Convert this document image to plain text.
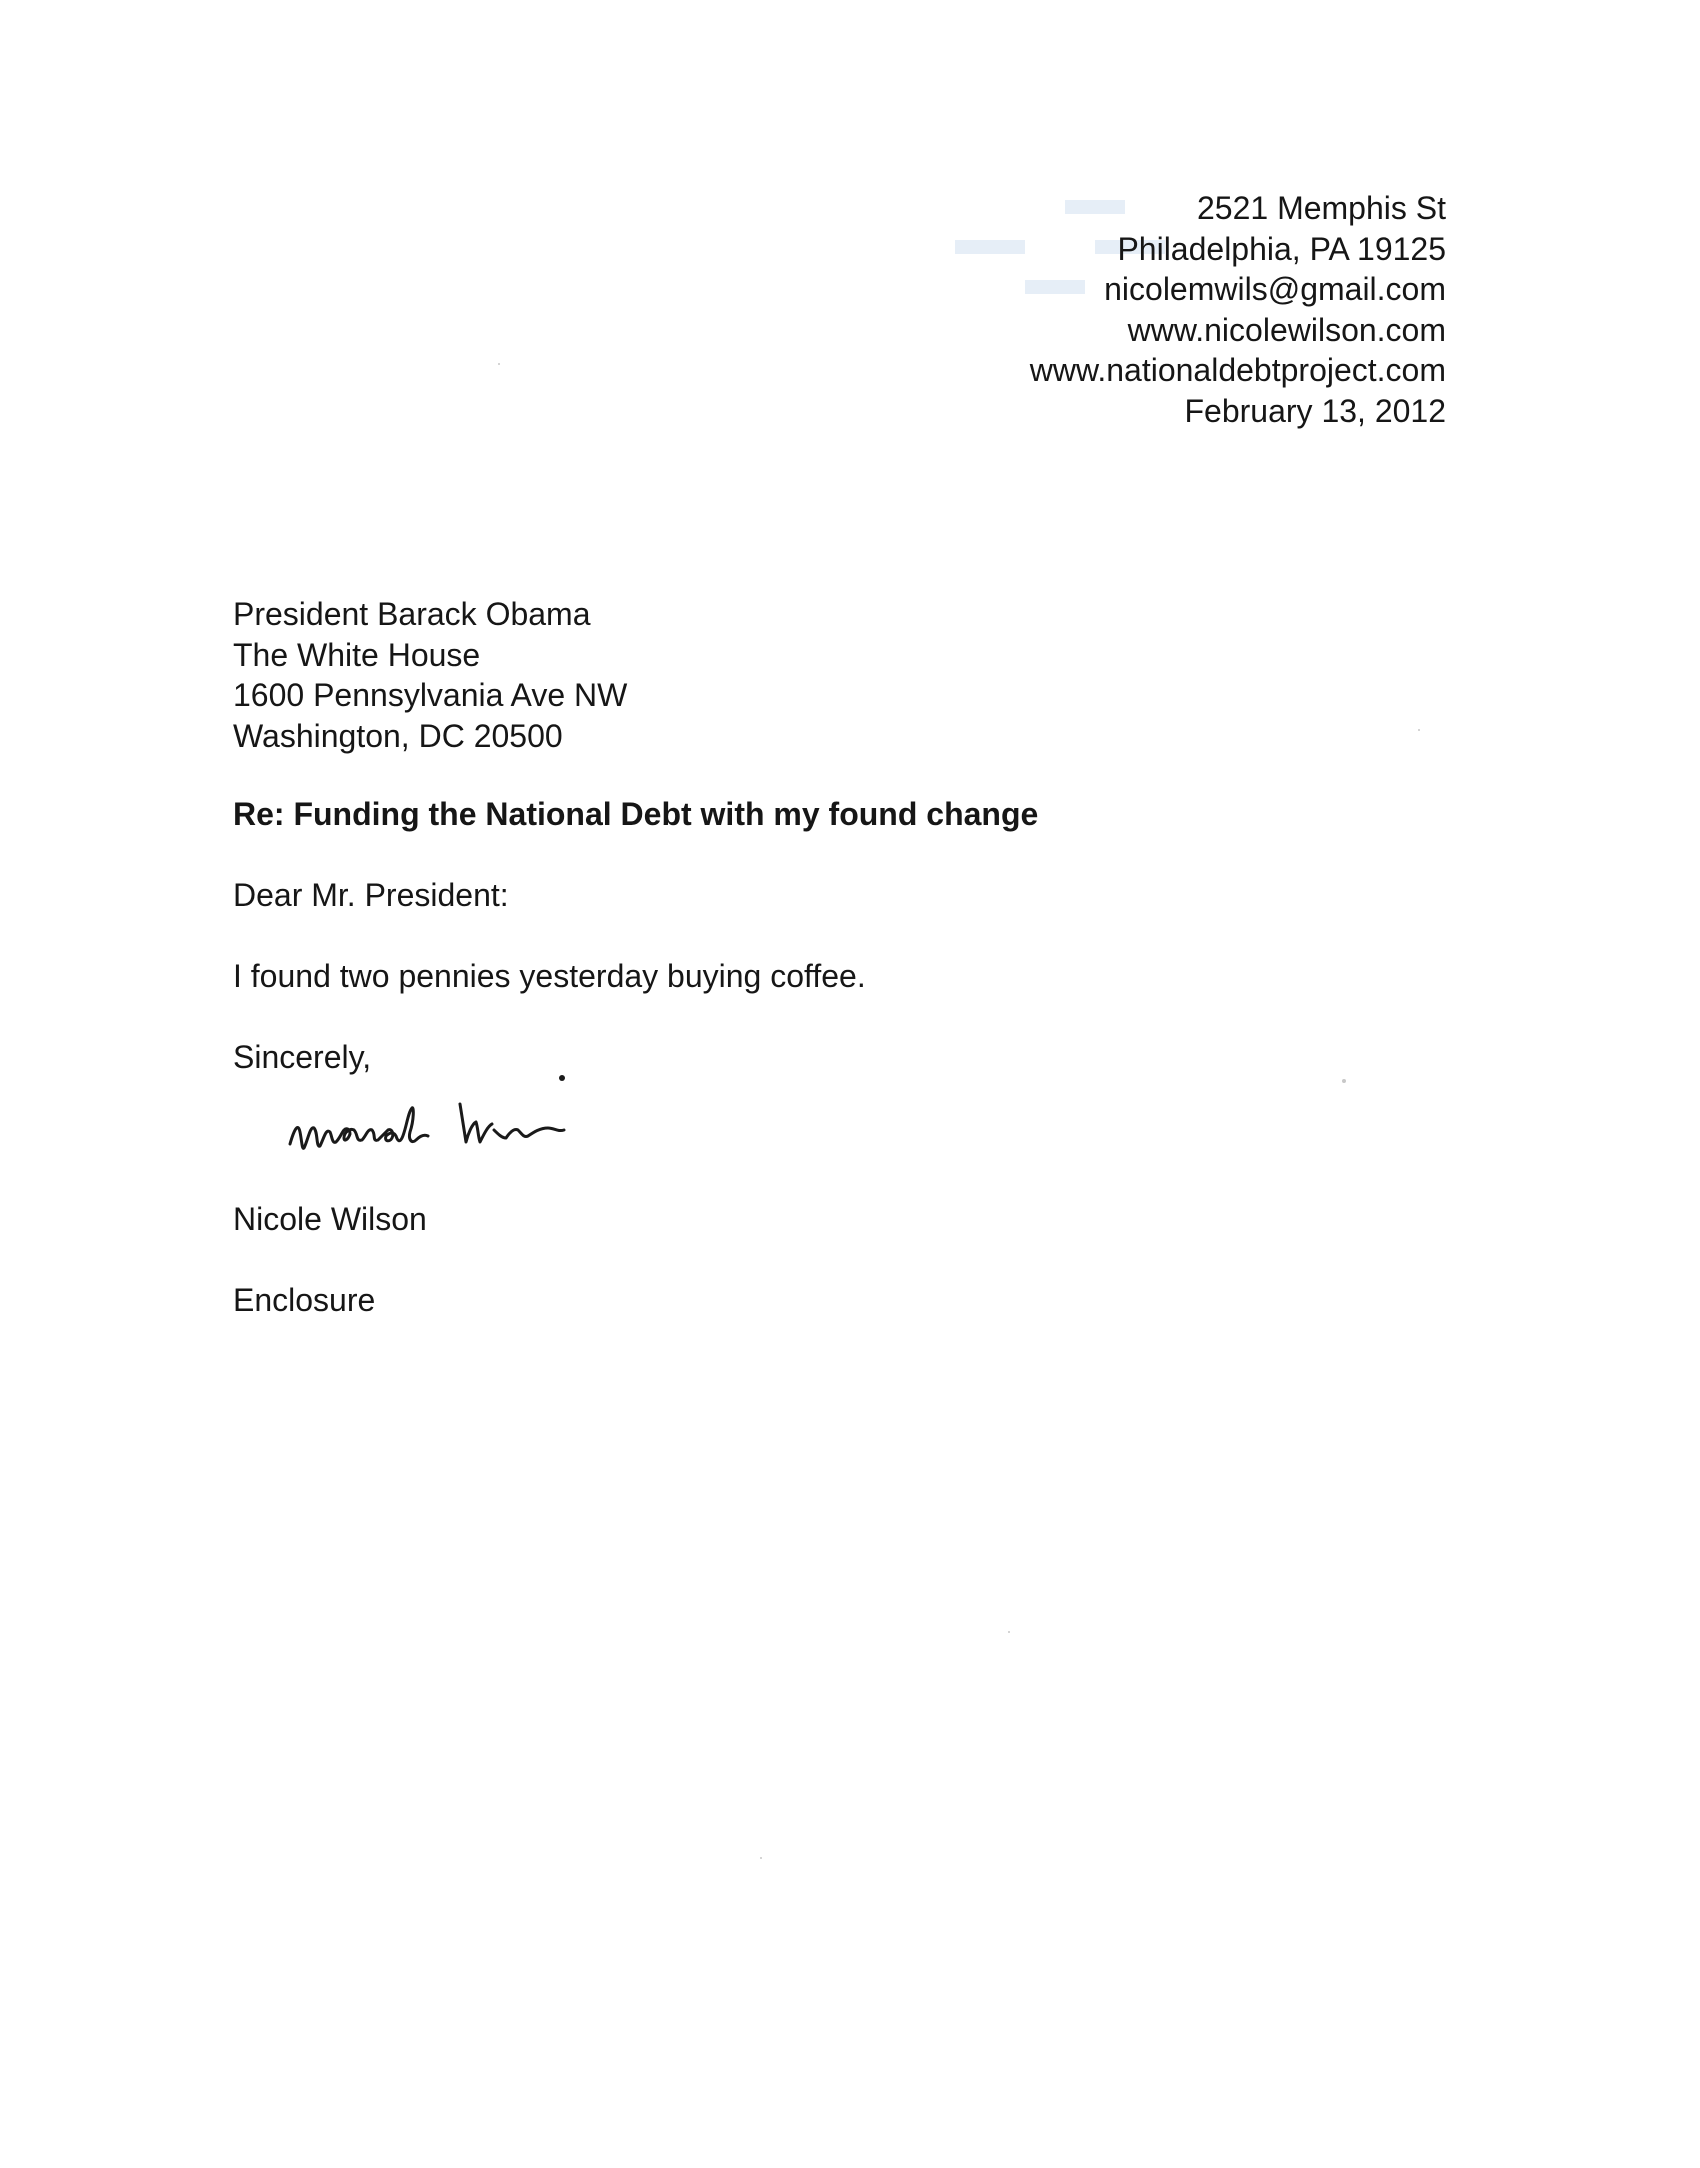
2521 Memphis St
Philadelphia, PA 19125
nicolemwils@gmail.com
www.nicolewilson.com
www.nationaldebtproject.com
February 13, 2012
President Barack Obama
The White House
1600 Pennsylvania Ave NW
Washington, DC 20500
Re: Funding the National Debt with my found change
Dear Mr. President:
I found two pennies yesterday buying coffee.
Sincerely,
Nicole Wilson
Enclosure
